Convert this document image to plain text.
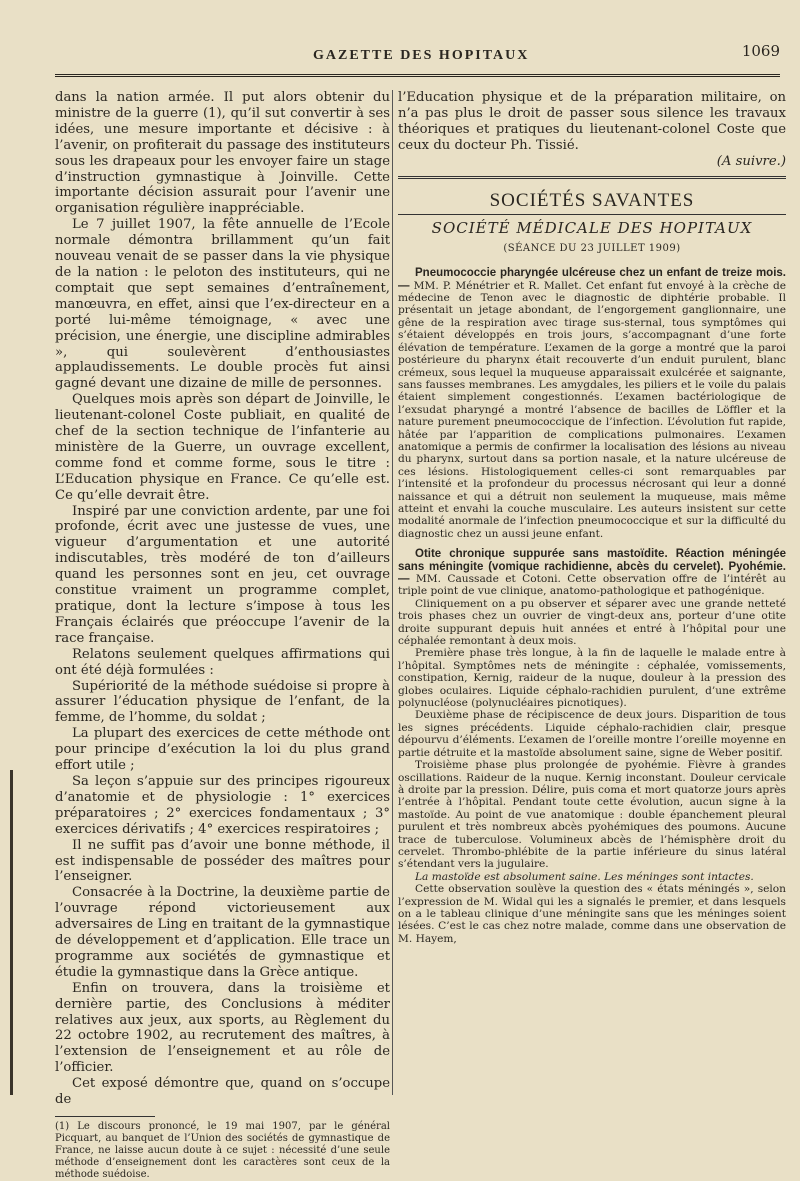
GAZETTE DES HOPITAUX	1069

dans la nation armée. Il put alors obtenir du ministre de la guerre (1), qu’il sut convertir à ses idées, une mesure importante et décisive : à l’avenir, on profiterait du passage des instituteurs sous les drapeaux pour les envoyer faire un stage d’instruction gymnastique à Joinville. Cette importante décision assurait pour l’avenir une organisation régulière inappréciable.

Le 7 juillet 1907, la fête annuelle de l’Ecole normale démontra brillamment qu’un fait nouveau venait de se passer dans la vie physique de la nation : le peloton des instituteurs, qui ne comptait que sept semaines d’entraînement, manœuvra, en effet, ainsi que l’ex-directeur en a porté lui-même témoignage, « avec une précision, une énergie, une discipline admirables », qui soulevèrent d’enthousiastes applaudissements. Le double procès fut ainsi gagné devant une dizaine de mille de personnes.

Quelques mois après son départ de Joinville, le lieutenant-colonel Coste publiait, en qualité de chef de la section technique de l’infanterie au ministère de la Guerre, un ouvrage excellent, comme fond et comme forme, sous le titre : L’Education physique en France. Ce qu’elle est. Ce qu’elle devrait être.

Inspiré par une conviction ardente, par une foi profonde, écrit avec une justesse de vues, une vigueur d’argumentation et une autorité indiscutables, très modéré de ton d’ailleurs quand les personnes sont en jeu, cet ouvrage constitue vraiment un programme complet, pratique, dont la lecture s’impose à tous les Français éclairés que préoccupe l’avenir de la race française.

Relatons seulement quelques affirmations qui ont été déjà formulées :

Supériorité de la méthode suédoise si propre à assurer l’éducation physique de l’enfant, de la femme, de l’homme, du soldat ;

La plupart des exercices de cette méthode ont pour principe d’exécution la loi du plus grand effort utile ;

Sa leçon s’appuie sur des principes rigoureux d’anatomie et de physiologie : 1° exercices préparatoires ; 2° exercices fondamentaux ; 3° exercices dérivatifs ; 4° exercices respiratoires ;

Il ne suffit pas d’avoir une bonne méthode, il est indispensable de posséder des maîtres pour l’enseigner.

Consacrée à la Doctrine, la deuxième partie de l’ouvrage répond victorieusement aux adversaires de Ling en traitant de la gymnastique de développement et d’application. Elle trace un programme aux sociétés de gymnastique et étudie la gymnastique dans la Grèce antique.

Enfin on trouvera, dans la troisième et dernière partie, des Conclusions à méditer relatives aux jeux, aux sports, au Règlement du 22 octobre 1902, au recrutement des maîtres, à l’extension de l’enseignement et au rôle de l’officier.

Cet exposé démontre que, quand on s’occupe de

(1) Le discours prononcé, le 19 mai 1907, par le général Picquart, au banquet de l’Union des sociétés de gymnastique de France, ne laisse aucun doute à ce sujet : nécessité d’une seule méthode d’enseignement dont les caractères sont ceux de la méthode suédoise.

l’Education physique et de la préparation militaire, on n’a pas plus le droit de passer sous silence les travaux théoriques et pratiques du lieutenant-colonel Coste que ceux du docteur Ph. Tissié.

(A suivre.)

SOCIÉTÉS SAVANTES
SOCIÉTÉ MÉDICALE DES HOPITAUX
(SÉANCE DU 23 JUILLET 1909)

Pneumococcie pharyngée ulcéreuse chez un enfant de treize mois. — MM. P. Ménétrier et R. Mallet. Cet enfant fut envoyé à la crèche de médecine de Tenon avec le diagnostic de diphtérie probable. Il présentait un jetage abondant, de l’engorgement ganglionnaire, une gêne de la respiration avec tirage sus-sternal, tous symptômes qui s’étaient développés en trois jours, s’accompagnant d’une forte élévation de température. L’examen de la gorge a montré que la paroi postérieure du pharynx était recouverte d’un enduit purulent, blanc crémeux, sous lequel la muqueuse apparaissait exulcérée et saignante, sans fausses membranes. Les amygdales, les piliers et le voile du palais étaient simplement congestionnés. L’examen bactériologique de l’exsudat pharyngé a montré l’absence de bacilles de Löffler et la nature purement pneumococcique de l’infection. L’évolution fut rapide, hâtée par l’apparition de complications pulmonaires. L’examen anatomique a permis de confirmer la localisation des lésions au niveau du pharynx, surtout dans sa portion nasale, et la nature ulcéreuse de ces lésions. Histologiquement celles-ci sont remarquables par l’intensité et la profondeur du processus nécrosant qui leur a donné naissance et qui a détruit non seulement la muqueuse, mais même atteint et envahi la couche musculaire. Les auteurs insistent sur cette modalité anormale de l’infection pneumococcique et sur la difficulté du diagnostic chez un aussi jeune enfant.

Otite chronique suppurée sans mastoïdite. Réaction méningée sans méningite (vomique rachidienne, abcès du cervelet). Pyohémie. — MM. Caussade et Cotoni. Cette observation offre de l’intérêt au triple point de vue clinique, anatomo-pathologique et pathogénique.

Cliniquement on a pu observer et séparer avec une grande netteté trois phases chez un ouvrier de vingt-deux ans, porteur d’une otite droite suppurant depuis huit années et entré à l’hôpital pour une céphalée remontant à deux mois.

Première phase très longue, à la fin de laquelle le malade entre à l’hôpital. Symptômes nets de méningite : céphalée, vomissements, constipation, Kernig, raideur de la nuque, douleur à la pression des globes oculaires. Liquide céphalo-rachidien purulent, d’une extrême polynucléose (polynucléaires picnotiques).

Deuxième phase de récipiscence de deux jours. Disparition de tous les signes précédents. Liquide céphalo-rachidien clair, presque dépourvu d’éléments. L’examen de l’oreille montre l’oreille moyenne en partie détruite et la mastoïde absolument saine, signe de Weber positif.

Troisième phase plus prolongée de pyohémie. Fièvre à grandes oscillations. Raideur de la nuque. Kernig inconstant. Douleur cervicale à droite par la pression. Délire, puis coma et mort quatorze jours après l’entrée à l’hôpital. Pendant toute cette évolution, aucun signe à la mastoïde. Au point de vue anatomique : double épanchement pleural purulent et très nombreux abcès pyohémiques des poumons. Aucune trace de tuberculose. Volumineux abcès de l’hémisphère droit du cervelet. Thrombo-phlébite de la partie inférieure du sinus latéral s’étendant vers la jugulaire.

La mastoïde est absolument saine. Les méninges sont intactes.

Cette observation soulève la question des « états méningés », selon l’expression de M. Widal qui les a signalés le premier, et dans lesquels on a le tableau clinique d’une méningite sans que les méninges soient lésées. C’est le cas chez notre malade, comme dans une observation de M. Hayem,
